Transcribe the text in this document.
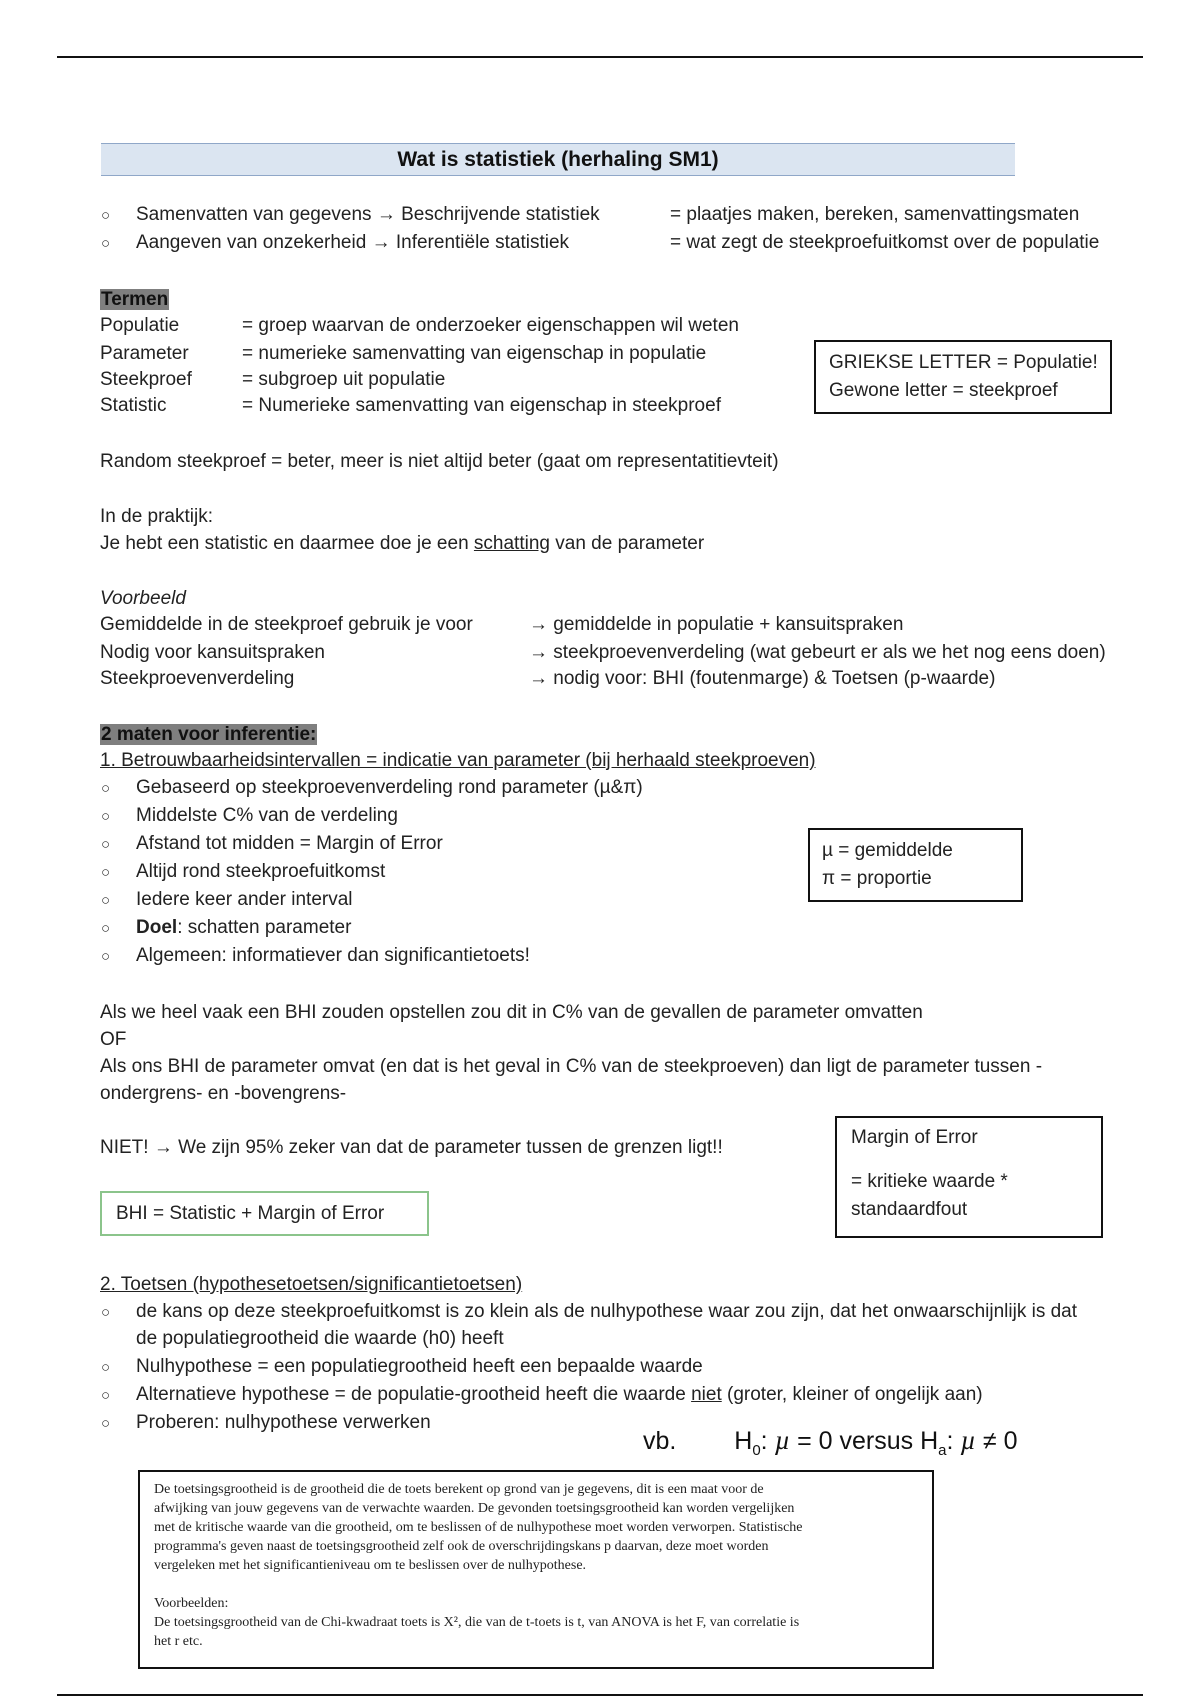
Wat is statistiek (herhaling SM1)
○ Samenvatten van gegevens → Beschrijvende statistiek	= plaatjes maken, bereken, samenvattingsmaten
○ Aangeven van onzekerheid → Inferentiële statistiek	= wat zegt de steekproefuitkomst over de populatie
Termen
Populatie	= groep waarvan de onderzoeker eigenschappen wil weten
Parameter	= numerieke samenvatting van eigenschap in populatie
Steekproef	= subgroep uit populatie
Statistic	= Numerieke samenvatting van eigenschap in steekproef
GRIEKSE LETTER = Populatie!
Gewone letter = steekproef
Random steekproef = beter, meer is niet altijd beter (gaat om representatitievteit)
In de praktijk:
Je hebt een statistic en daarmee doe je een schatting van de parameter
Voorbeeld
Gemiddelde in de steekproef gebruik je voor	→ gemiddelde in populatie + kansuitspraken
Nodig voor kansuitspraken	→ steekproevenverdeling (wat gebeurt er als we het nog eens doen)
Steekproevenverdeling	→ nodig voor: BHI (foutenmarge) & Toetsen (p-waarde)
2 maten voor inferentie:
1. Betrouwbaarheidsintervallen = indicatie van parameter (bij herhaald steekproeven)
○ Gebaseerd op steekproevenverdeling rond parameter (µ&π)
○ Middelste C% van de verdeling
○ Afstand tot midden = Margin of Error
○ Altijd rond steekproefuitkomst
○ Iedere keer ander interval
○ Doel: schatten parameter
○ Algemeen: informatiever dan significantietoets!
µ = gemiddelde
π = proportie
Als we heel vaak een BHI zouden opstellen zou dit in C% van de gevallen de parameter omvatten
OF
Als ons BHI de parameter omvat (en dat is het geval in C% van de steekproeven) dan ligt de parameter tussen -
ondergrens- en -bovengrens-
NIET! → We zijn 95% zeker van dat de parameter tussen de grenzen ligt!!
BHI = Statistic + Margin of Error
Margin of Error
= kritieke waarde *
standaardfout
2. Toetsen (hypothesetoetsen/significantietoetsen)
○ de kans op deze steekproefuitkomst is zo klein als de nulhypothese waar zou zijn, dat het onwaarschijnlijk is dat
de populatiegrootheid die waarde (h0) heeft
○ Nulhypothese = een populatiegrootheid heeft een bepaalde waarde
○ Alternatieve hypothese = de populatie-grootheid heeft die waarde niet (groter, kleiner of ongelijk aan)
○ Proberen: nulhypothese verwerken
vb. $H_0$: µ = 0 versus $H_a$: µ ≠ 0

De toetsingsgrootheid is de grootheid die de toets berekent op grond van je gegevens, dit is een maat voor de

afwijking van jouw gegevens van de verwachte waarden. De gevonden toetsingsgrootheid kan worden vergelijken

met de kritische waarde van die grootheid, om te beslissen of de nulhypothese moet worden verworpen. Statistische

programma's geven naast de toetsingsgrootheid zelf ook de overschrijdingskans p daarvan, deze moet worden

vergeleken met het significantieniveau om te beslissen over de nulhypothese.

Voorbeelden:

De toetsingsgrootheid van de Chi-kwadraat toets is X², die van de t-toets is t, van ANOVA is het F, van correlatie is

het r etc.
